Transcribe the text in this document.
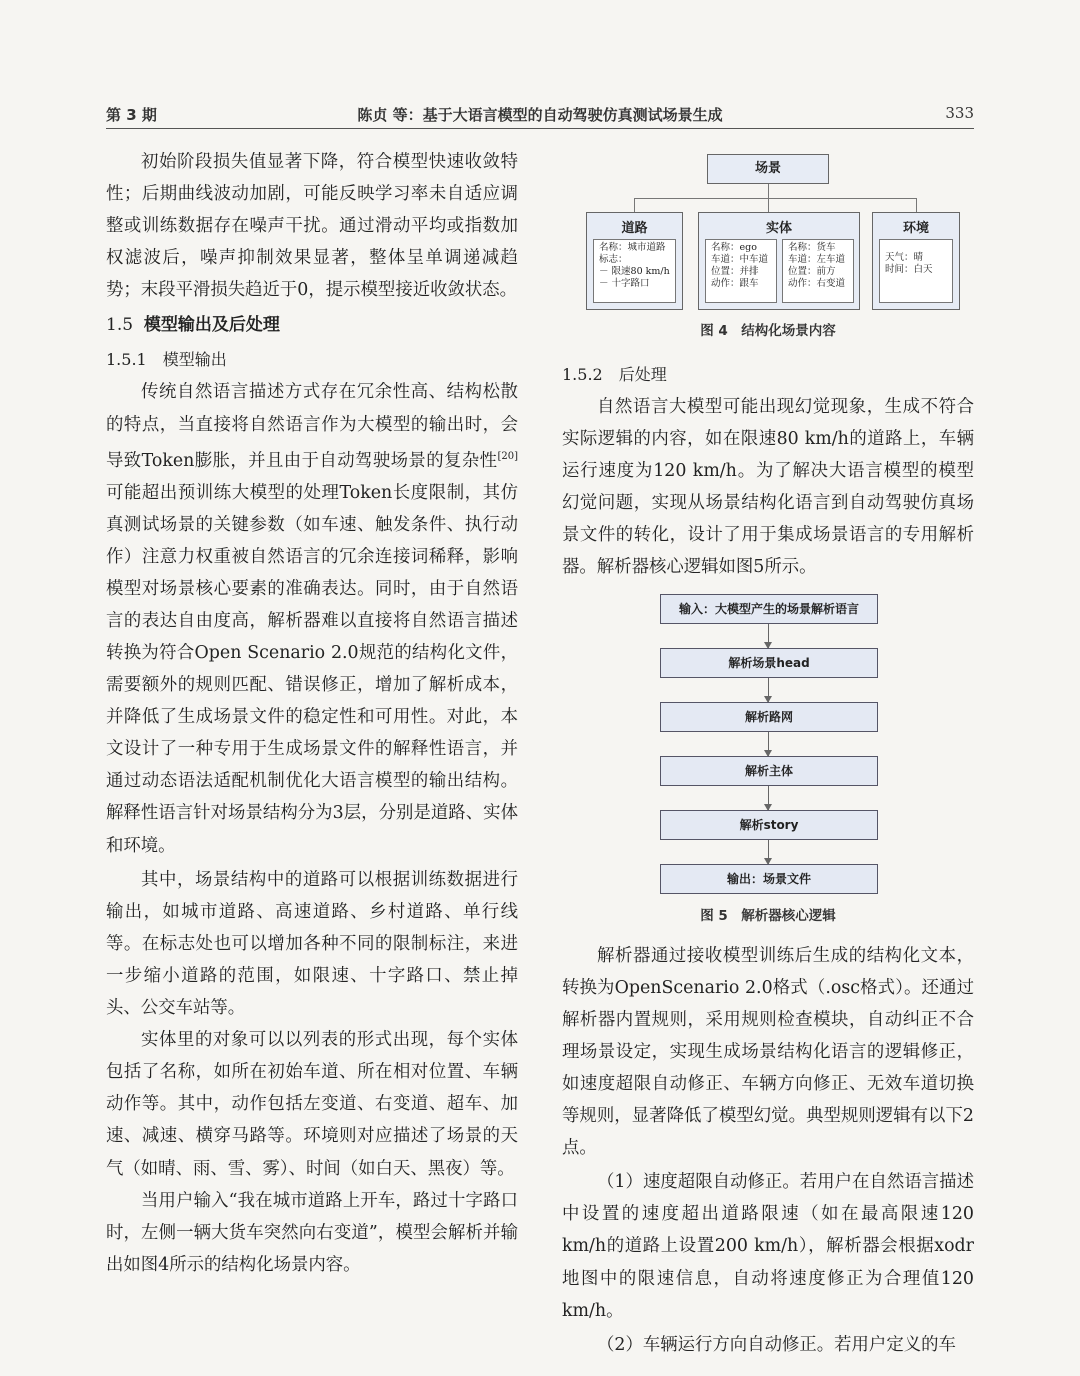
第 3 期	陈贞 等：基于大语言模型的自动驾驶仿真测试场景生成	333

初始阶段损失值显著下降，符合模型快速收敛特性；后期曲线波动加剧，可能反映学习率未自适应调整或训练数据存在噪声干扰。通过滑动平均或指数加权滤波后，噪声抑制效果显著，整体呈单调递减趋势；末段平滑损失趋近于0，提示模型接近收敛状态。

1.5 模型输出及后处理

1.5.1　模型输出

传统自然语言描述方式存在冗余性高、结构松散的特点，当直接将自然语言作为大模型的输出时，会导致Token膨胀，并且由于自动驾驶场景的复杂性[20]可能超出预训练大模型的处理Token长度限制，其仿真测试场景的关键参数（如车速、触发条件、执行动作）注意力权重被自然语言的冗余连接词稀释，影响模型对场景核心要素的准确表达。同时，由于自然语言的表达自由度高，解析器难以直接将自然语言描述转换为符合Open Scenario 2.0规范的结构化文件，需要额外的规则匹配、错误修正，增加了解析成本，并降低了生成场景文件的稳定性和可用性。对此，本文设计了一种专用于生成场景文件的解释性语言，并通过动态语法适配机制优化大语言模型的输出结构。解释性语言针对场景结构分为3层，分别是道路、实体和环境。

其中，场景结构中的道路可以根据训练数据进行输出，如城市道路、高速道路、乡村道路、单行线等。在标志处也可以增加各种不同的限制标注，来进一步缩小道路的范围，如限速、十字路口、禁止掉头、公交车站等。

实体里的对象可以以列表的形式出现，每个实体包括了名称，如所在初始车道、所在相对位置、车辆动作等。其中，动作包括左变道、右变道、超车、加速、减速、横穿马路等。环境则对应描述了场景的天气（如晴、雨、雪、雾）、时间（如白天、黑夜）等。

当用户输入“我在城市道路上开车，路过十字路口时，左侧一辆大货车突然向右变道”，模型会解析并输出如图4所示的结构化场景内容。

场景
道路
名称：城市道路
标志：
－ 限速80 km/h
－ 十字路口
实体
名称：ego
车道：中车道
位置：并排
动作：跟车
名称：货车
车道：左车道
位置：前方
动作：右变道
环境
天气：晴
时间：白天
图 4　结构化场景内容

1.5.2　后处理

自然语言大模型可能出现幻觉现象，生成不符合实际逻辑的内容，如在限速80 km/h的道路上，车辆运行速度为120 km/h。为了解决大语言模型的模型幻觉问题，实现从场景结构化语言到自动驾驶仿真场景文件的转化，设计了用于集成场景语言的专用解析器。解析器核心逻辑如图5所示。

输入：大模型产生的场景解析语言
解析场景head
解析路网
解析主体
解析story
输出：场景文件
图 5　解析器核心逻辑

解析器通过接收模型训练后生成的结构化文本，转换为OpenScenario 2.0格式（.osc格式）。还通过解析器内置规则，采用规则检查模块，自动纠正不合理场景设定，实现生成场景结构化语言的逻辑修正，如速度超限自动修正、车辆方向修正、无效车道切换等规则，显著降低了模型幻觉。典型规则逻辑有以下2点。

（1）速度超限自动修正。若用户在自然语言描述中设置的速度超出道路限速（如在最高限速120 km/h的道路上设置200 km/h），解析器会根据xodr地图中的限速信息，自动将速度修正为合理值120 km/h。

（2）车辆运行方向自动修正。若用户定义的车
